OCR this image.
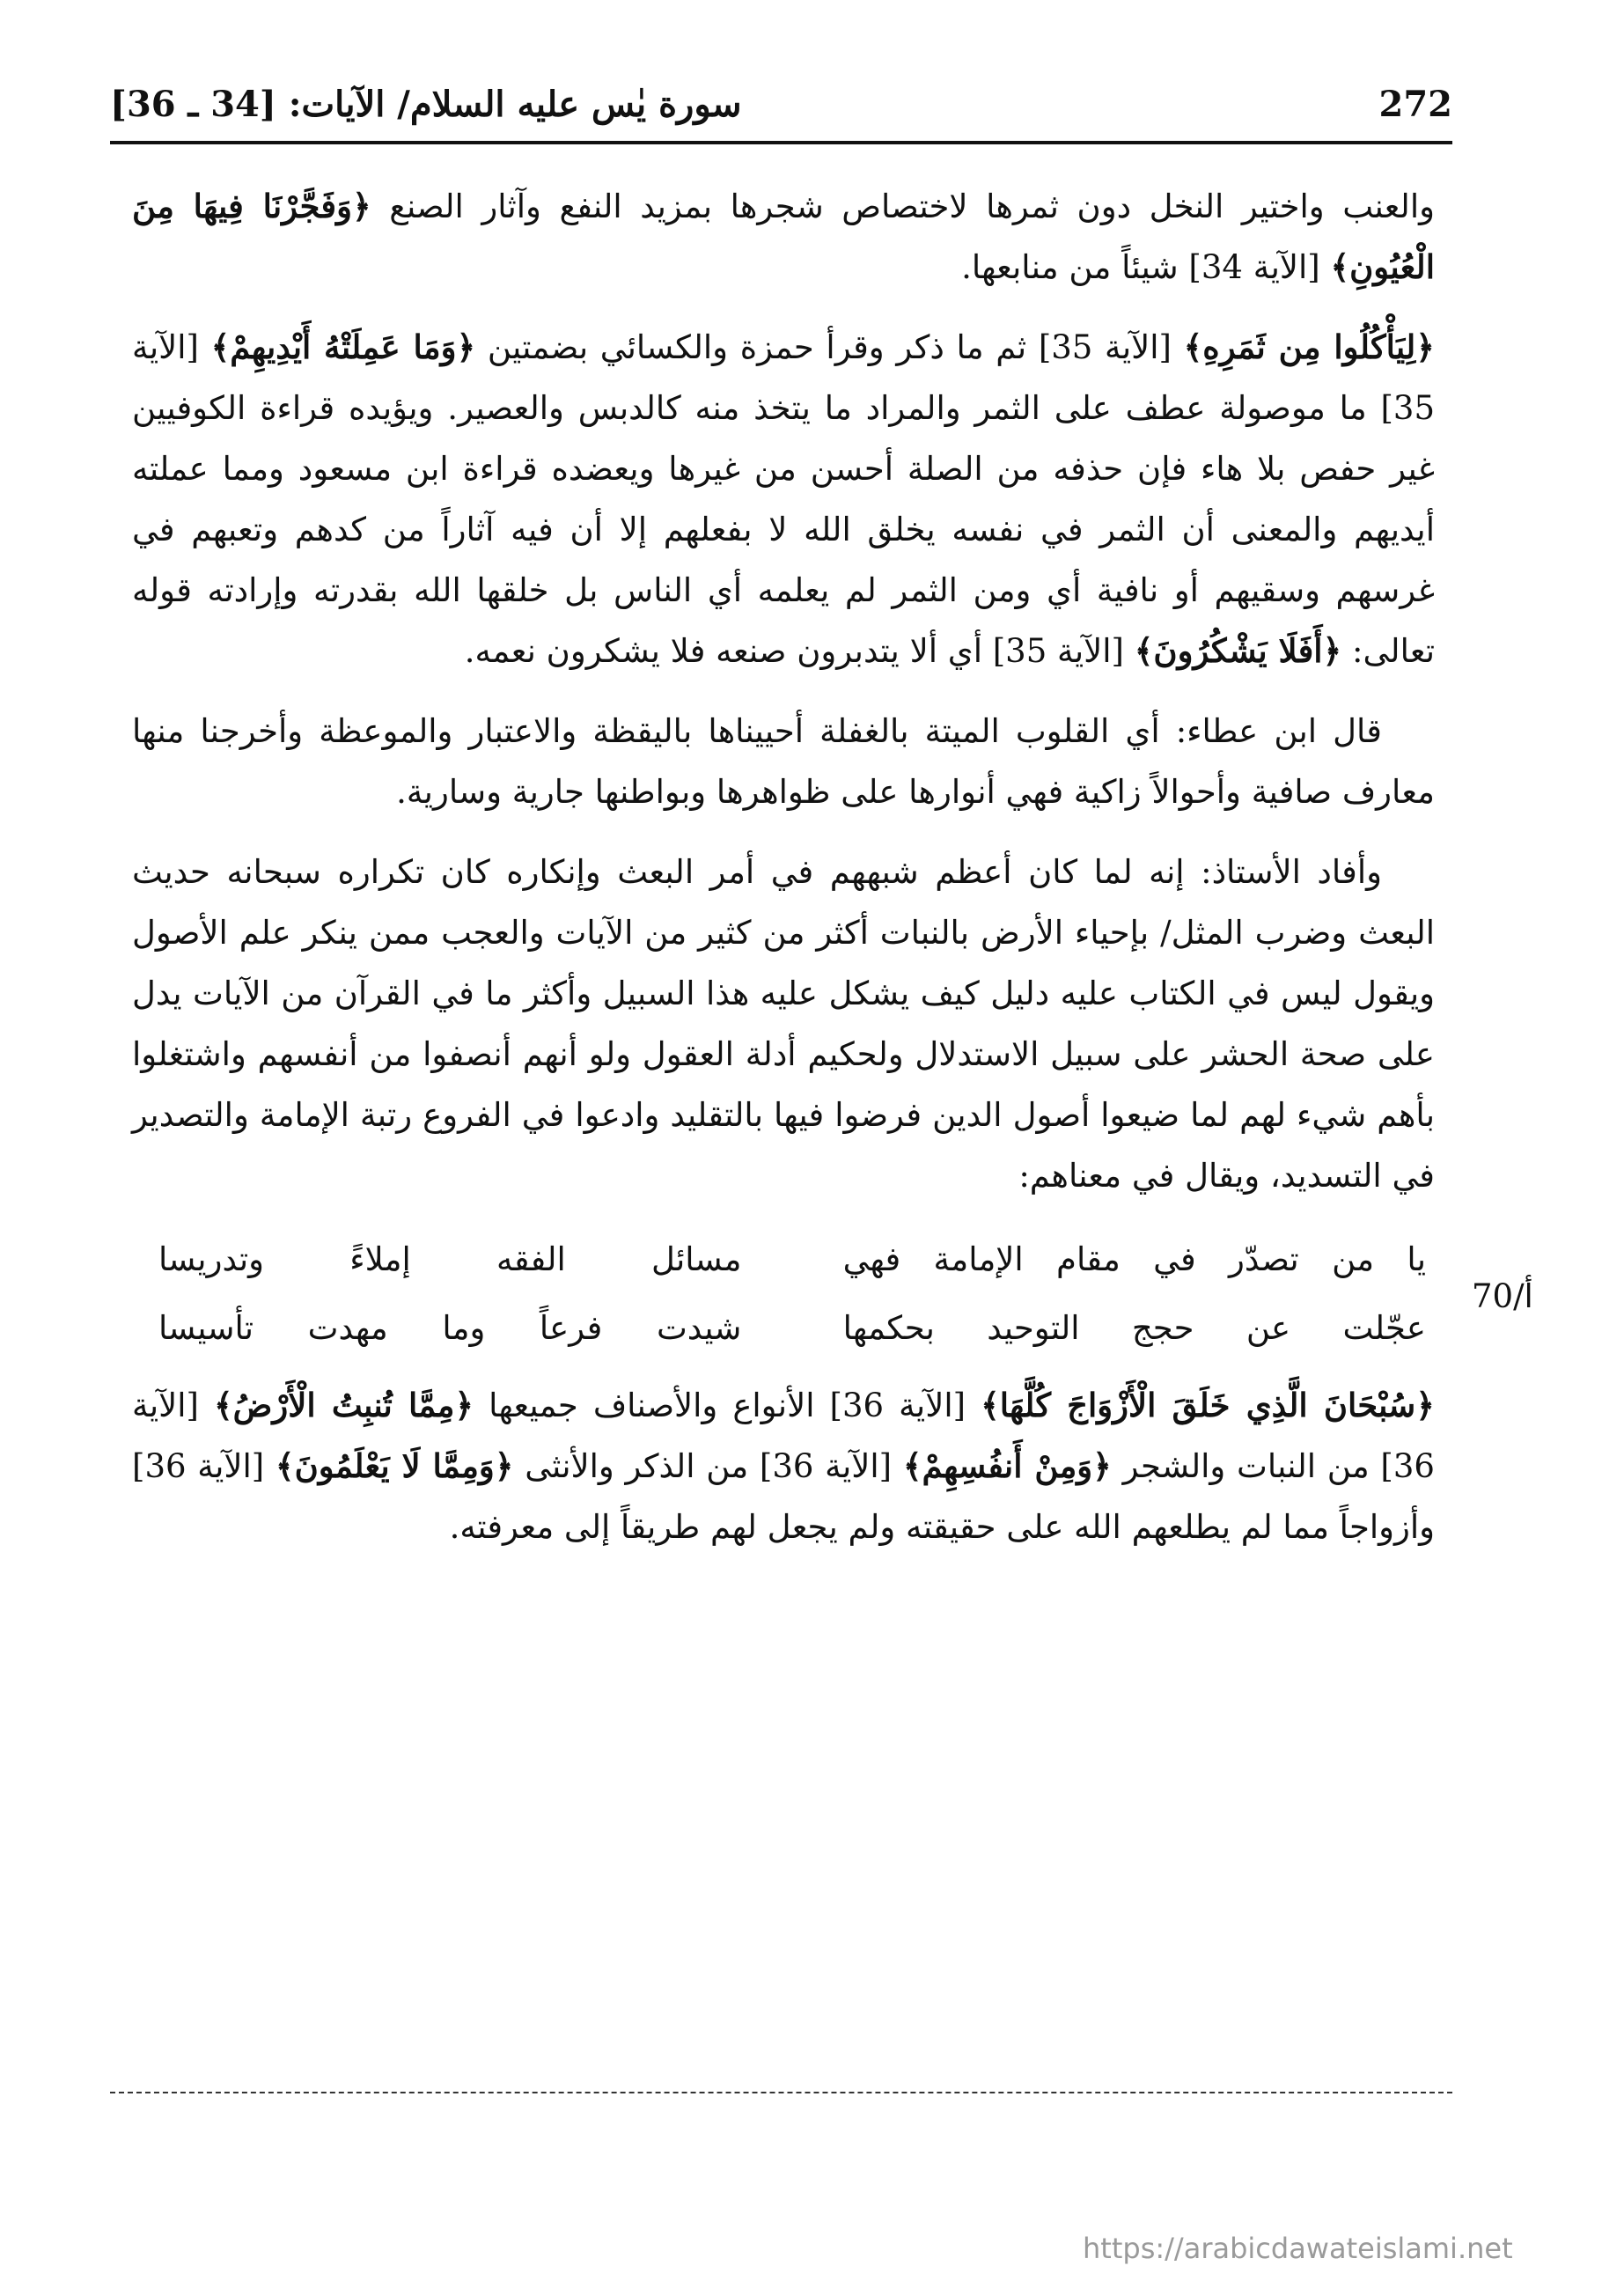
272
سورة يٰس عليه السلام/ الآيات: [34 ـ 36]

والعنب واختير النخل دون ثمرها لاختصاص شجرها بمزيد النفع وآثار الصنع ﴿وَفَجَّرْنَا فِيهَا مِنَ الْعُيُونِ﴾ [الآية 34] شيئاً من منابعها.

﴿لِيَأْكُلُوا مِن ثَمَرِهِ﴾ [الآية 35] ثم ما ذكر وقرأ حمزة والكسائي بضمتين ﴿وَمَا عَمِلَتْهُ أَيْدِيهِمْ﴾ [الآية 35] ما موصولة عطف على الثمر والمراد ما يتخذ منه كالدبس والعصير. ويؤيده قراءة الكوفيين غير حفص بلا هاء فإن حذفه من الصلة أحسن من غيرها ويعضده قراءة ابن مسعود ومما عملته أيديهم والمعنى أن الثمر في نفسه يخلق الله لا بفعلهم إلا أن فيه آثاراً من كدهم وتعبهم في غرسهم وسقيهم أو نافية أي ومن الثمر لم يعلمه أي الناس بل خلقها الله بقدرته وإرادته قوله تعالى: ﴿أَفَلَا يَشْكُرُونَ﴾ [الآية 35] أي ألا يتدبرون صنعه فلا يشكرون نعمه.

قال ابن عطاء: أي القلوب الميتة بالغفلة أحييناها باليقظة والاعتبار والموعظة وأخرجنا منها معارف صافية وأحوالاً زاكية فهي أنوارها على ظواهرها وبواطنها جارية وسارية.

وأفاد الأستاذ: إنه لما كان أعظم شبههم في أمر البعث وإنكاره كان تكراره سبحانه حديث البعث وضرب المثل/ بإحياء الأرض بالنبات أكثر من كثير من الآيات والعجب ممن ينكر علم الأصول ويقول ليس في الكتاب عليه دليل كيف يشكل عليه هذا السبيل وأكثر ما في القرآن من الآيات يدل على صحة الحشر على سبيل الاستدلال ولحكيم أدلة العقول ولو أنهم أنصفوا من أنفسهم واشتغلوا بأهم شيء لهم لما ضيعوا أصول الدين فرضوا فيها بالتقليد وادعوا في الفروع رتبة الإمامة والتصدير في التسديد، ويقال في معناهم:

يا من تصدّر في مقام الإمامة فهي
مسائل الفقه إملاءً وتدريسا
عجّلت عن حجج التوحيد بحكمها
شيدت فرعاً وما مهدت تأسيسا

﴿سُبْحَانَ الَّذِي خَلَقَ الْأَزْوَاجَ كُلَّهَا﴾ [الآية 36] الأنواع والأصناف جميعها ﴿مِمَّا تُنبِتُ الْأَرْضُ﴾ [الآية 36] من النبات والشجر ﴿وَمِنْ أَنفُسِهِمْ﴾ [الآية 36] من الذكر والأنثى ﴿وَمِمَّا لَا يَعْلَمُونَ﴾ [الآية 36] وأزواجاً مما لم يطلعهم الله على حقيقته ولم يجعل لهم طريقاً إلى معرفته.

70/أ
https://arabicdawateislami.net
